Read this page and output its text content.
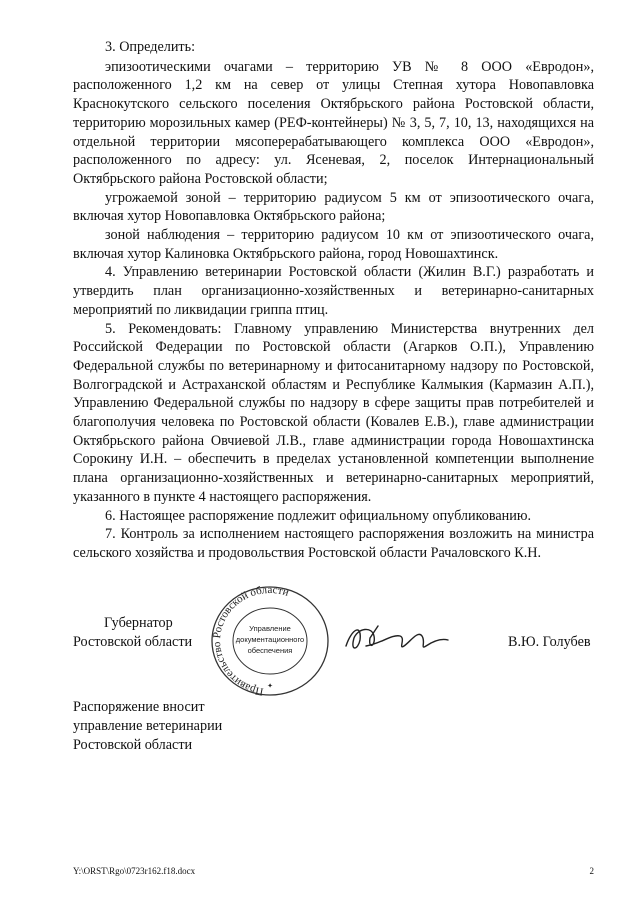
3. Определить:

эпизоотическими очагами – территорию УВ № 8 ООО «Евродон», расположенного 1,2 км на север от улицы Степная хутора Новопавловка Краснокутского сельского поселения Октябрьского района Ростовской области, территорию морозильных камер (РЕФ-контейнеры) № 3, 5, 7, 10, 13, находящихся на отдельной территории мясоперерабатывающего комплекса ООО «Евродон», расположенного по адресу: ул. Ясеневая, 2, поселок Интернациональный Октябрьского района Ростовской области;

угрожаемой зоной – территорию радиусом 5 км от эпизоотического очага, включая хутор Новопавловка Октябрьского района;

зоной наблюдения – территорию радиусом 10 км от эпизоотического очага, включая хутор Калиновка Октябрьского района, город Новошахтинск.

4. Управлению ветеринарии Ростовской области (Жилин В.Г.) разработать и утвердить план организационно-хозяйственных и ветеринарно-санитарных мероприятий по ликвидации гриппа птиц.

5. Рекомендовать: Главному управлению Министерства внутренних дел Российской Федерации по Ростовской области (Агарков О.П.), Управлению Федеральной службы по ветеринарному и фитосанитарному надзору по Ростовской, Волгоградской и Астраханской областям и Республике Калмыкия (Кармазин А.П.), Управлению Федеральной службы по надзору в сфере защиты прав потребителей и благополучия человека по Ростовской области (Ковалев Е.В.), главе администрации Октябрьского района Овчиевой Л.В., главе администрации города Новошахтинска Сорокину И.Н. – обеспечить в пределах установленной компетенции выполнение плана организационно-хозяйственных и ветеринарно-санитарных мероприятий, указанного в пункте 4 настоящего распоряжения.

6. Настоящее распоряжение подлежит официальному опубликованию.

7. Контроль за исполнением настоящего распоряжения возложить на министра сельского хозяйства и продовольствия Ростовской области Рачаловского К.Н.

Губернатор
Ростовской области	В.Ю. Голубев
Правительство Ростовской области
Управление
документационного
обеспечения
✦
Распоряжение вносит
управление ветеринарии
Ростовской области
Y:\ORST\Rgo\0723r162.f18.docx	2
